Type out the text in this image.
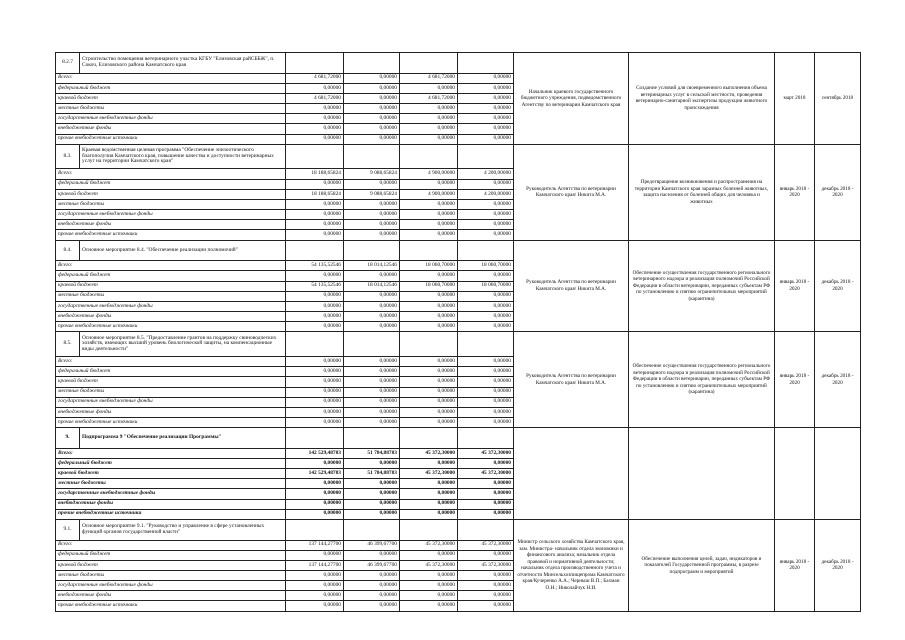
8.2.7	Строительство помещения ветеринарного участка КГБУ "Елизовская райСББЖ", п. Сокоч, Елизовского района Камчатского края					Начальник краевого государственного бюджетного учреждения, подведомственного Агентству по ветеринарии Камчатского края	Создание условий для своевременного выполнения объема ветеринарных услуг в сельской местности, проведения ветеринарно-санитарной экспертизы продукции животного происхождения	март 2018	сентябрь 2018
Всего:		4 681,72000	0,00000	4 681,72000	0,00000				
федеральный бюджет		0,00000	0,00000	0,00000	0,00000				
краевой бюджет		4 681,72000	0,00000	4 681,72000	0,00000				
местные бюджеты		0,00000	0,00000	0,00000	0,00000				
государственные внебюджетные фонды		0,00000	0,00000	0,00000	0,00000				
внебюджетные фонды		0,00000	0,00000	0,00000	0,00000				
прочие внебюджетные источники		0,00000	0,00000	0,00000	0,00000				
8.3.	Краевая ведомственная целевая программа "Обеспечение эпизоотического благополучия Камчатского края, повышение качества и доступности ветеринарных услуг на территории Камчатского края"					Руководитель Агентства по ветеринарии Камчатского края/ Никита М.А.	Предотвращение возникновения и распространения на территории Камчатского края заразных болезней животных, защита населения от болезней общих для человека и животных	январь 2018 - 2020	декабрь 2018 - 2020
Всего:		18 188,65824	9 088,65824	4 900,00000	4 200,00000				
федеральный бюджет		0,00000	0,00000	0,00000	0,00000				
краевой бюджет		18 188,65824	9 088,65824	4 900,00000	4 200,00000				
местные бюджеты		0,00000	0,00000	0,00000	0,00000				
государственные внебюджетные фонды		0,00000	0,00000	0,00000	0,00000				
внебюджетные фонды		0,00000	0,00000	0,00000	0,00000				
прочие внебюджетные источники		0,00000	0,00000	0,00000	0,00000				
8.4.	Основное мероприятие 8.4. "Обеспечение реализации полномочий"					Руководитель Агентства по ветеринарии Камчатского края/ Никита М.А.	Обеспечение осуществления государственного регионального ветеринарного надзора и реализация полномочий Российской Федерации в области ветеринарии, переданных субъектам РФ по установлению и снятию ограничительных мероприятий (карантина)	январь 2018 - 2020	декабрь 2018 - 2020
Всего:		54 135,52546	18 014,12546	18 060,70000	18 060,70000				
федеральный бюджет		0,00000	0,00000	0,00000	0,00000				
краевой бюджет		54 135,52546	18 014,12546	18 060,70000	18 060,70000				
местные бюджеты		0,00000	0,00000	0,00000	0,00000				
государственные внебюджетные фонды		0,00000	0,00000	0,00000	0,00000				
внебюджетные фонды		0,00000	0,00000	0,00000	0,00000				
прочие внебюджетные источники		0,00000	0,00000	0,00000	0,00000				
8.5.	Основное мероприятие 8.5. "Предоставление грантов на поддержку свиноводческих хозяйств, имеющих высший уровень биологической защиты, на компенсационные виды деятельности"					Руководитель Агентства по ветеринарии Камчатского края/ Никита М.А.	Обеспечение осуществления государственного регионального ветеринарного надзора и реализация полномочий Российской Федерации в области ветеринарии, переданных субъектам РФ по установлению и снятию ограничительных мероприятий (карантина)	январь 2018 - 2020	декабрь 2018 - 2020
Всего:		0,00000	0,00000	0,00000	0,00000				
федеральный бюджет		0,00000	0,00000	0,00000	0,00000				
краевой бюджет		0,00000	0,00000	0,00000	0,00000				
местные бюджеты		0,00000	0,00000	0,00000	0,00000				
государственные внебюджетные фонды		0,00000	0,00000	0,00000	0,00000				
внебюджетные фонды		0,00000	0,00000	0,00000	0,00000				
прочие внебюджетные источники		0,00000	0,00000	0,00000	0,00000				
9.	Подпрограмма 9 "Обеспечение реализации Программы"								
Всего:		142 529,48783	51 784,88783	45 372,30000	45 372,30000				
федеральный бюджет		0,00000	0,00000	0,00000	0,00000				
краевой бюджет		142 529,48783	51 784,88783	45 372,30000	45 372,30000				
местные бюджеты		0,00000	0,00000	0,00000	0,00000				
государственные внебюджетные фонды		0,00000	0,00000	0,00000	0,00000				
внебюджетные фонды		0,00000	0,00000	0,00000	0,00000				
прочие внебюджетные источники		0,00000	0,00000	0,00000	0,00000				
9.1.	Основное мероприятие 9.1. "Руководство и управление в сфере установленных функций органов государственной власти"					Министр сельского хозяйства Камчатского края, зам. Министра- начальник отдела экономики и финансового анализа; начальник отдела правовой и нормативной деятельности; начальник отдела производственного учета и отчетности Минсельхозпищепрома Камчатского края/Кучеренко А.А.; Черныш В.П.; Бахман О.Н.; Николайчук Н.И.	Обеспечение выполнения целей, задач, индикаторов и показателей Государственной программы, в разрезе подпрограмм и мероприятий	январь 2018 - 2020	декабрь 2018 - 2020
Всего:		137 144,27700	46 399,67700	45 372,30000	45 372,30000				
федеральный бюджет		0,00000	0,00000	0,00000	0,00000				
краевой бюджет		137 144,27700	46 399,67700	45 372,30000	45 372,30000				
местные бюджеты		0,00000	0,00000	0,00000	0,00000				
государственные внебюджетные фонды		0,00000	0,00000	0,00000	0,00000				
внебюджетные фонды		0,00000	0,00000	0,00000	0,00000				
прочие внебюджетные источники		0,00000	0,00000	0,00000	0,00000				
